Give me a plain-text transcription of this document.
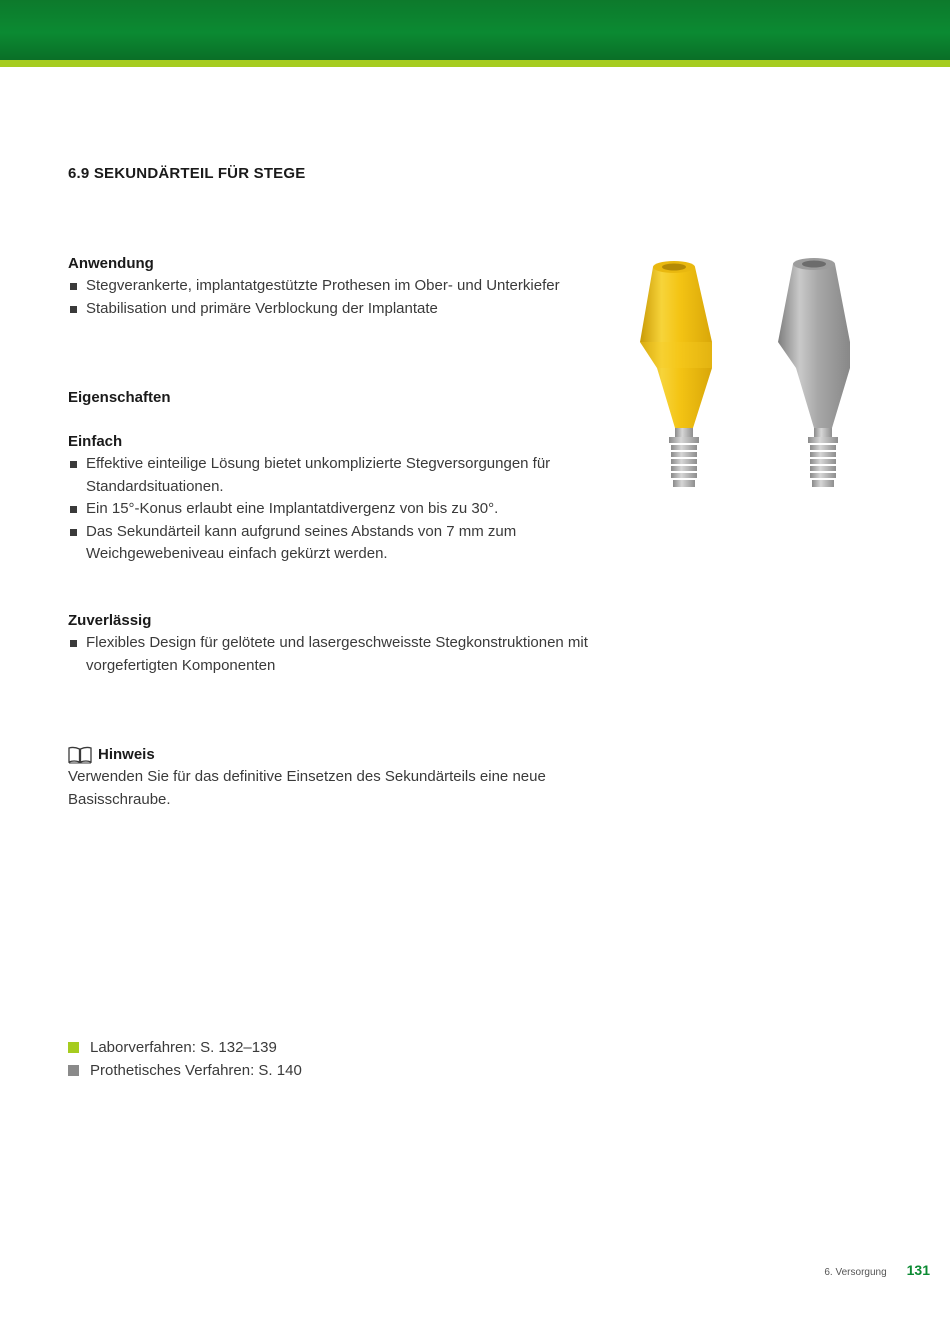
6.9 SEKUNDÄRTEIL FÜR STEGE
Anwendung
Stegverankerte, implantatgestützte Prothesen im Ober- und Unterkiefer
Stabilisation und primäre Verblockung der Implantate
Eigenschaften
Einfach
Effektive einteilige Lösung bietet unkomplizierte Stegversorgungen für Standardsituationen.
Ein 15°-Konus erlaubt eine Implantatdivergenz von bis zu 30°.
Das Sekundärteil kann aufgrund seines Abstands von 7 mm zum Weichgewebeniveau einfach gekürzt werden.
Zuverlässig
Flexibles Design für gelötete und lasergeschweisste Stegkonstruktionen mit vorgefertigten Komponenten
Hinweis
Verwenden Sie für das definitive Einsetzen des Sekundärteils eine neue Basisschraube.
Laborverfahren: S. 132–139
Prothetisches Verfahren: S. 140
6. Versorgung 131
